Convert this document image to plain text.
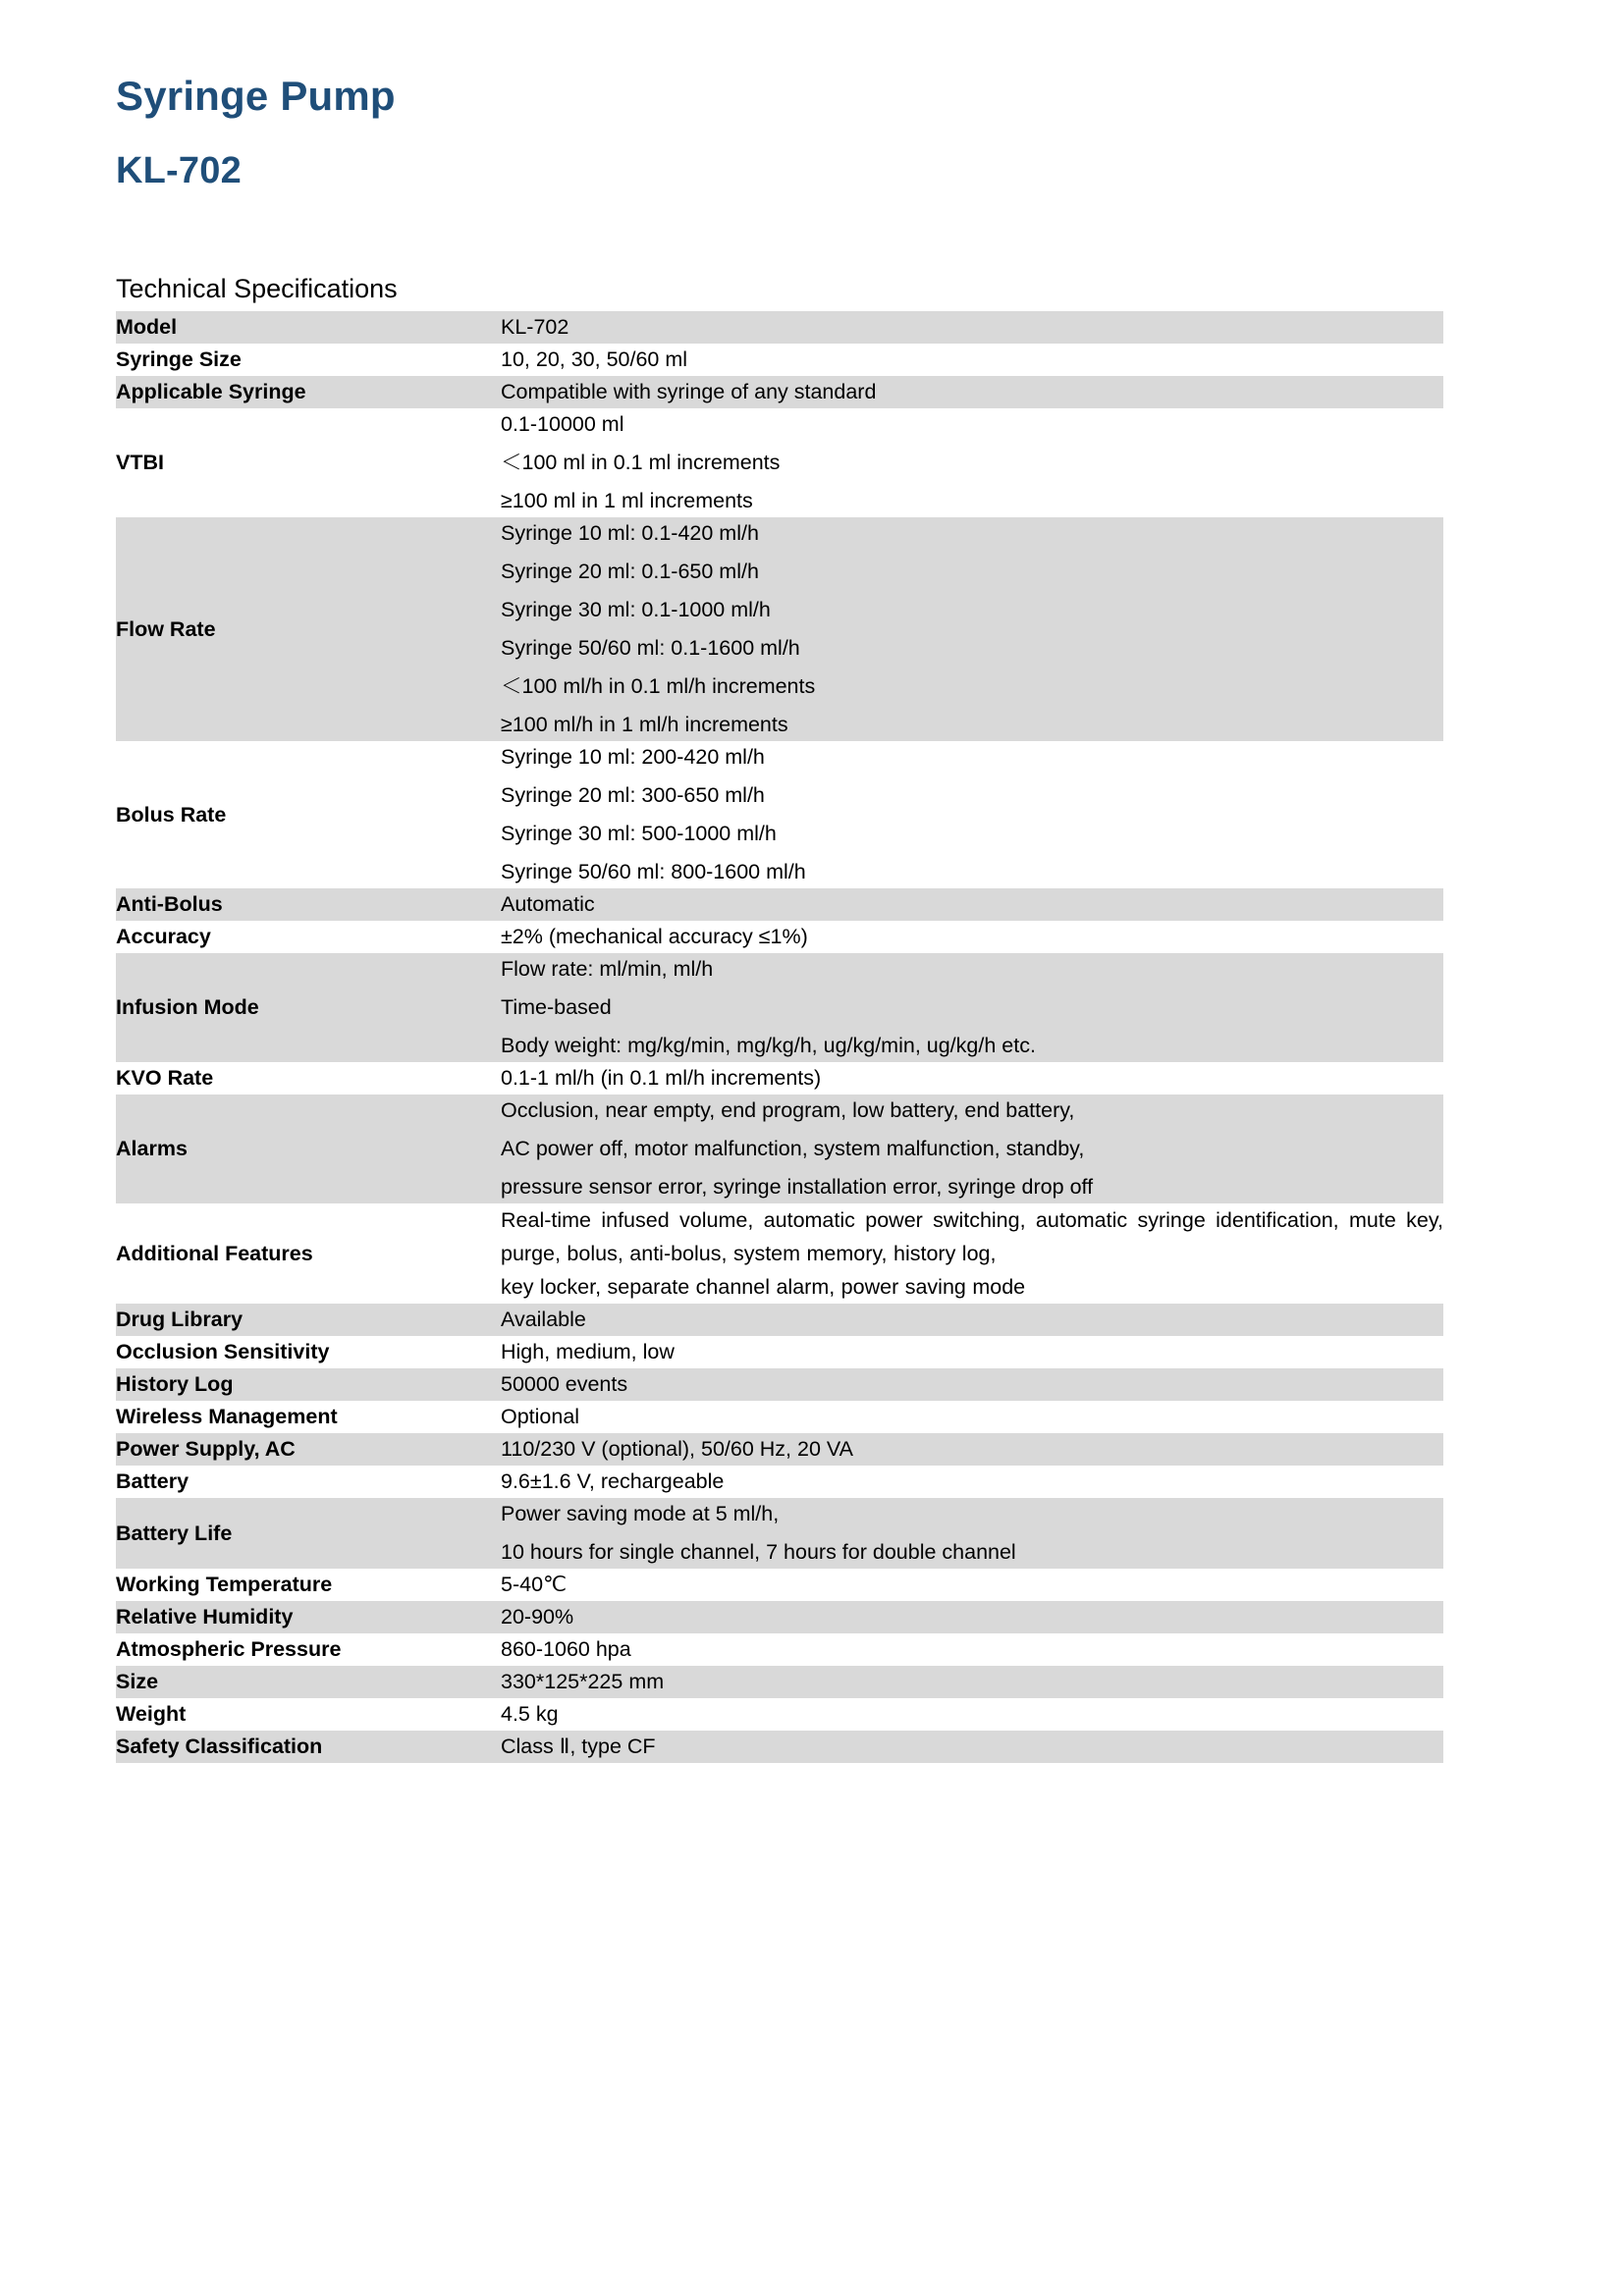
Syringe Pump
KL-702
Technical Specifications
Model	KL-702

Syringe Size	10, 20, 30, 50/60 ml

Applicable Syringe	Compatible with syringe of any standard

VTBI	0.1-10000 ml
＜100 ml in 0.1 ml increments
≥100 ml in 1 ml increments

Flow Rate	
Syringe 10 ml: 0.1-420 ml/h
Syringe 20 ml: 0.1-650 ml/h
Syringe 30 ml: 0.1-1000 ml/h
Syringe 50/60 ml: 0.1-1600 ml/h
＜100 ml/h in 0.1 ml/h increments
≥100 ml/h in 1 ml/h increments

Bolus Rate	Syringe 10 ml: 200-420 ml/h
Syringe 20 ml: 300-650 ml/h
Syringe 30 ml: 500-1000 ml/h
Syringe 50/60 ml: 800-1600 ml/h

Anti-Bolus	Automatic

Accuracy	±2% (mechanical accuracy ≤1%)

Infusion Mode	Flow rate: ml/min, ml/h
Time-based
Body weight: mg/kg/min, mg/kg/h, ug/kg/min, ug/kg/h etc.

KVO Rate	0.1-1 ml/h (in 0.1 ml/h increments)

Alarms	Occlusion, near empty, end program, low battery, end battery,
AC power off, motor malfunction, system malfunction, standby,
pressure sensor error, syringe installation error, syringe drop off

Additional Features	Real-time infused volume, automatic power switching, automatic syringe identification, mute key, purge, bolus, anti-bolus, system memory, history log,
key locker, separate channel alarm, power saving mode

Drug Library	Available

Occlusion Sensitivity	High, medium, low

History Log	50000 events

Wireless Management	Optional

Power Supply, AC	110/230 V (optional), 50/60 Hz, 20 VA

Battery	9.6±1.6 V, rechargeable

Battery Life	Power saving mode at 5 ml/h,
10 hours for single channel, 7 hours for double channel

Working Temperature	5-40℃

Relative Humidity	20-90%

Atmospheric Pressure	860-1060 hpa

Size	330*125*225 mm

Weight	4.5 kg

Safety Classification	Class Ⅱ, type CF
